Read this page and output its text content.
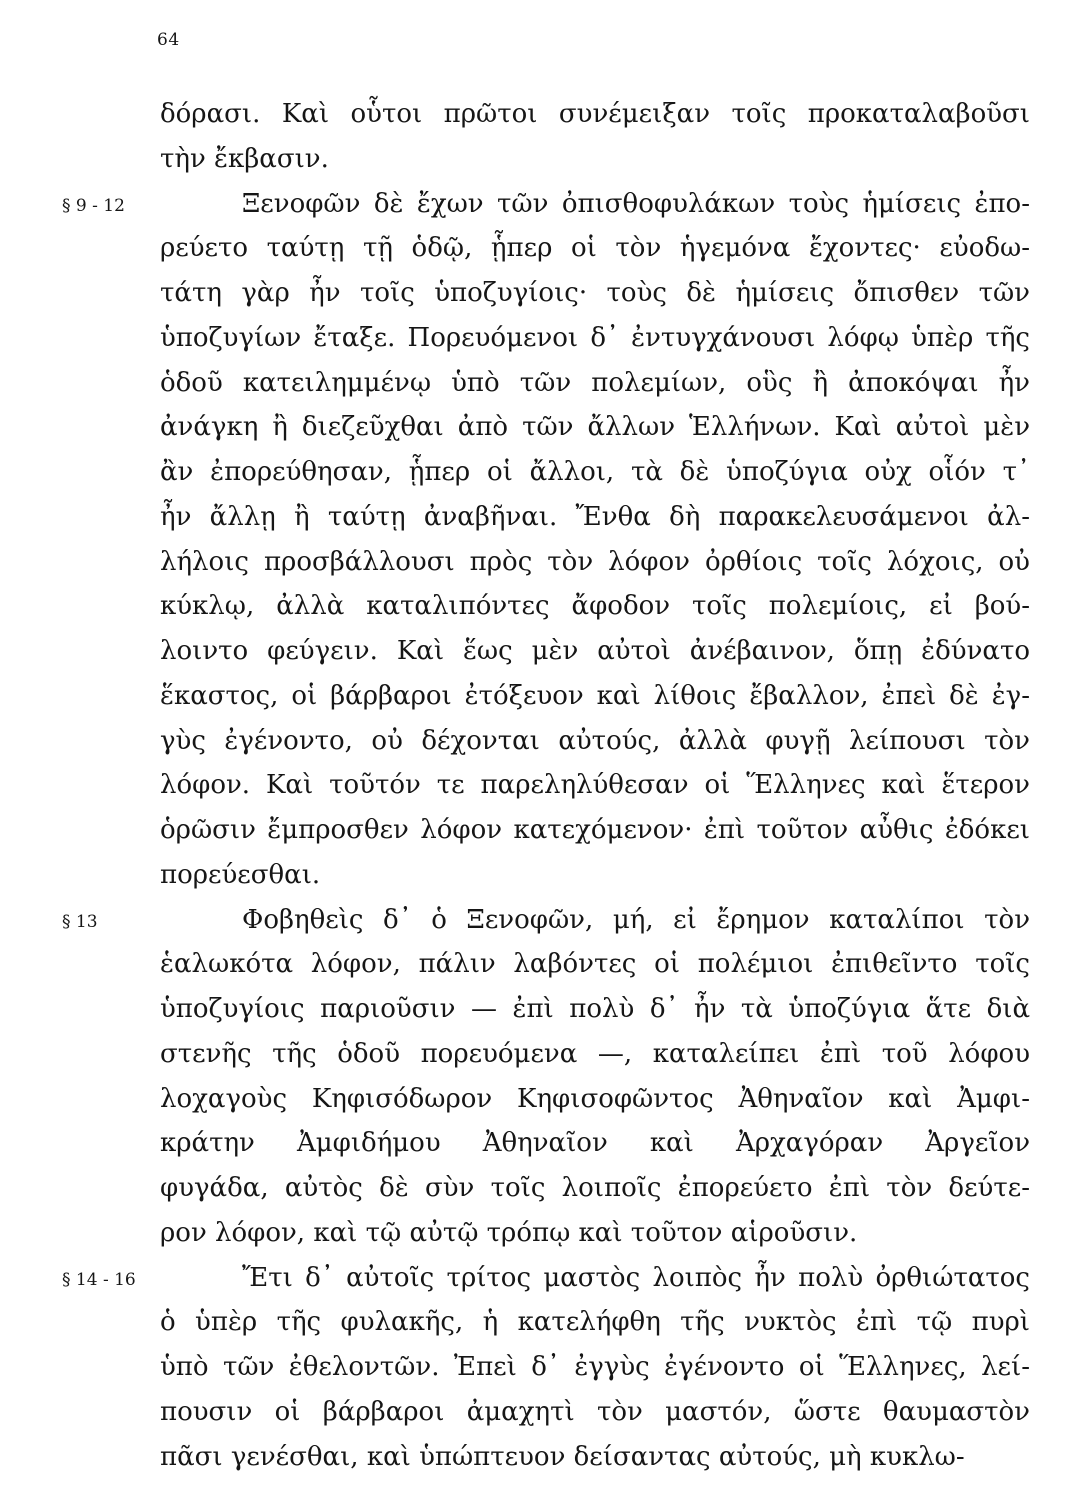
64
δόρασι. Καὶ οὗτοι πρῶτοι συνέμειξαν τοῖς προκαταλαβοῦσι
τὴν ἔκβασιν.
§ 9 - 12	Ξενοφῶν δὲ ἔχων τῶν ὀπισθοφυλάκων τοὺς ἡμίσεις ἐπο-
ρεύετο ταύτῃ τῇ ὁδῷ, ᾗπερ οἱ τὸν ἡγεμόνα ἔχοντες· εὐοδω-
τάτη γὰρ ἦν τοῖς ὑποζυγίοις· τοὺς δὲ ἡμίσεις ὄπισθεν τῶν
ὑποζυγίων ἔταξε. Πορευόμενοι δ᾽ ἐντυγχάνουσι λόφῳ ὑπὲρ τῆς
ὁδοῦ κατειλημμένῳ ὑπὸ τῶν πολεμίων, οὓς ἢ ἀποκόψαι ἦν
ἀνάγκη ἢ διεζεῦχθαι ἀπὸ τῶν ἄλλων Ἑλλήνων. Καὶ αὐτοὶ μὲν
ἂν ἐπορεύθησαν, ᾗπερ οἱ ἄλλοι, τὰ δὲ ὑποζύγια οὐχ οἷόν τ᾽
ἦν ἄλλῃ ἢ ταύτῃ ἀναβῆναι. Ἔνθα δὴ παρακελευσάμενοι ἀλ-
λήλοις προσβάλλουσι πρὸς τὸν λόφον ὀρθίοις τοῖς λόχοις, οὐ
κύκλῳ, ἀλλὰ καταλιπόντες ἄφοδον τοῖς πολεμίοις, εἰ βού-
λοιντο φεύγειν. Καὶ ἕως μὲν αὐτοὶ ἀνέβαινον, ὅπῃ ἐδύνατο
ἕκαστος, οἱ βάρβαροι ἐτόξευον καὶ λίθοις ἔβαλλον, ἐπεὶ δὲ ἐγ-
γὺς ἐγένοντο, οὐ δέχονται αὐτούς, ἀλλὰ φυγῇ λείπουσι τὸν
λόφον. Καὶ τοῦτόν τε παρεληλύθεσαν οἱ Ἕλληνες καὶ ἕτερον
ὁρῶσιν ἔμπροσθεν λόφον κατεχόμενον· ἐπὶ τοῦτον αὖθις ἐδόκει
πορεύεσθαι.
§ 13	Φοβηθεὶς δ᾽ ὁ Ξενοφῶν, μή, εἰ ἔρημον καταλίποι τὸν
ἑαλωκότα λόφον, πάλιν λαβόντες οἱ πολέμιοι ἐπιθεῖντο τοῖς
ὑποζυγίοις παριοῦσιν — ἐπὶ πολὺ δ᾽ ἦν τὰ ὑποζύγια ἅτε διὰ
στενῆς τῆς ὁδοῦ πορευόμενα —, καταλείπει ἐπὶ τοῦ λόφου
λοχαγοὺς Κηφισόδωρον Κηφισοφῶντος Ἀθηναῖον καὶ Ἀμφι-
κράτην Ἀμφιδήμου Ἀθηναῖον καὶ Ἀρχαγόραν Ἀργεῖον
φυγάδα, αὐτὸς δὲ σὺν τοῖς λοιποῖς ἐπορεύετο ἐπὶ τὸν δεύτε-
ρον λόφον, καὶ τῷ αὐτῷ τρόπῳ καὶ τοῦτον αἱροῦσιν.
§ 14 - 16	Ἔτι δ᾽ αὐτοῖς τρίτος μαστὸς λοιπὸς ἦν πολὺ ὀρθιώτατος
ὁ ὑπὲρ τῆς φυλακῆς, ἡ κατελήφθη τῆς νυκτὸς ἐπὶ τῷ πυρὶ
ὑπὸ τῶν ἐθελοντῶν. Ἐπεὶ δ᾽ ἐγγὺς ἐγένοντο οἱ Ἕλληνες, λεί-
πουσιν οἱ βάρβαροι ἀμαχητὶ τὸν μαστόν, ὥστε θαυμαστὸν
πᾶσι γενέσθαι, καὶ ὑπώπτευον δείσαντας αὐτούς, μὴ κυκλω-
